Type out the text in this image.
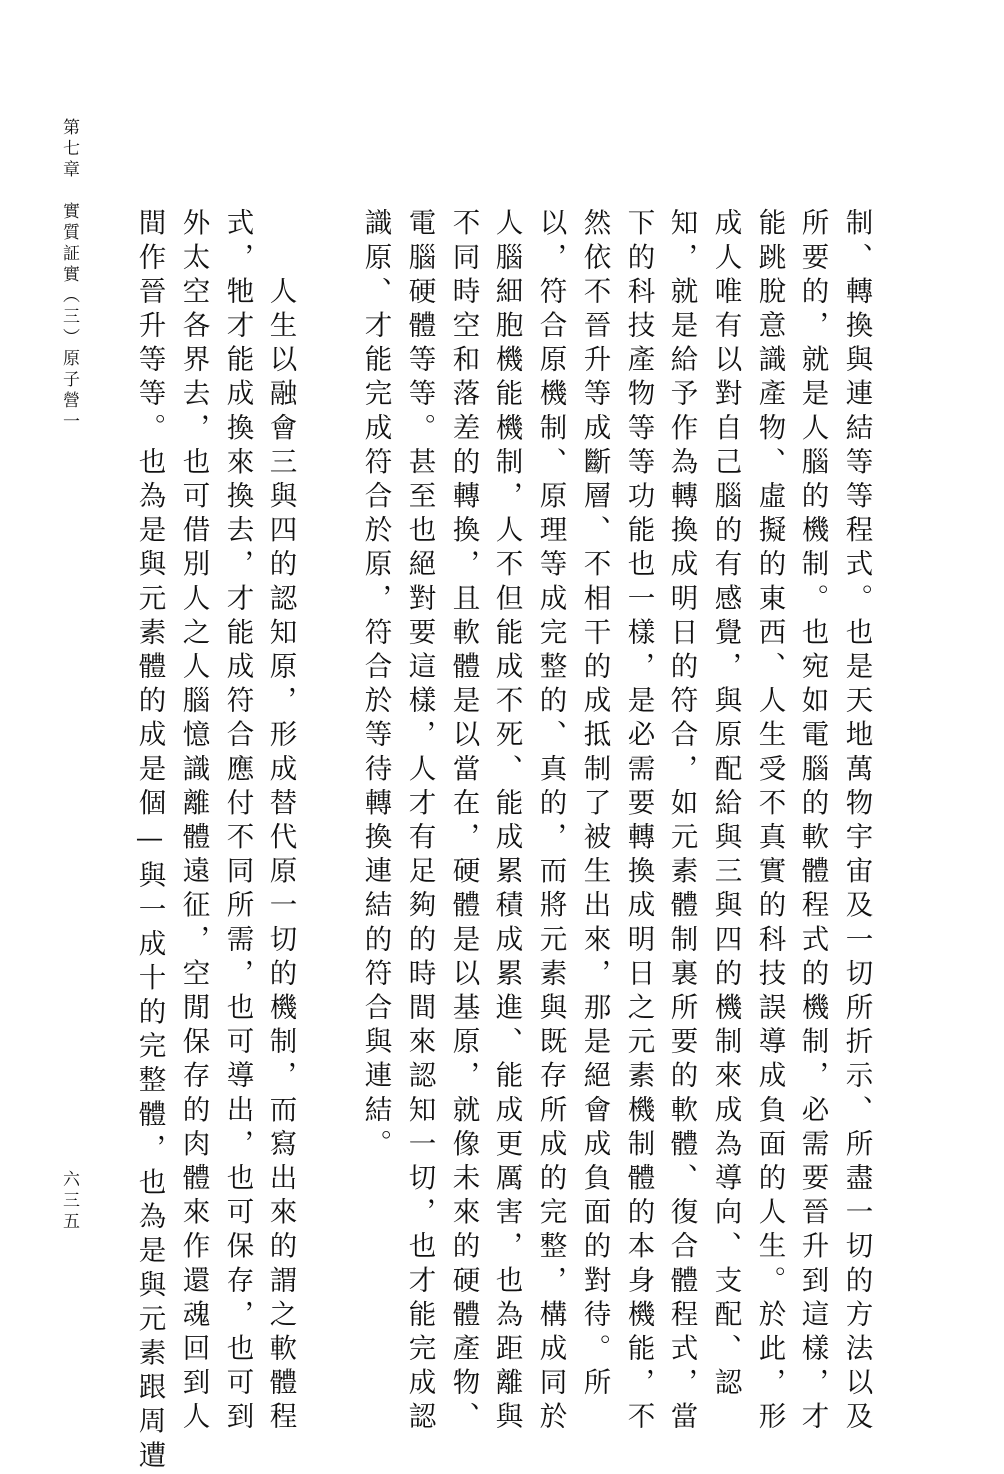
第七章　實質証實（三）原子營一
六三五	制、轉換與連結等等程式。也是天地萬物宇宙及一切所折示、所盡一切的方法以及
所要的，就是人腦的機制。也宛如電腦的軟體程式的機制，必需要晉升到這樣，才
能跳脫意識產物、虛擬的東西、人生受不真實的科技誤導成負面的人生。於此，形
成人唯有以對自己腦的有感覺，與原配給與三與四的機制來成為導向、支配、認
知，就是給予作為轉換成明日的符合，如元素體制裏所要的軟體、復合體程式，當
下的科技產物等等功能也一樣，是必需要轉換成明日之元素機制體的本身機能，不
然依不晉升等成斷層、不相干的成抵制了被生出來，那是絕會成負面的對待。所
以，符合原機制、原理等成完整的、真的，而將元素與既存所成的完整，構成同於
人腦細胞機能機制，人不但能成不死、能成累積成累進、能成更厲害，也為距離與
不同時空和落差的轉換，且軟體是以當在，硬體是以基原，就像未來的硬體產物、
電腦硬體等等。甚至也絕對要這樣，人才有足夠的時間來認知一切，也才能完成認
識原、才能完成符合於原，符合於等待轉換連結的符合與連結。
　　人生以融會三與四的認知原，形成替代原一切的機制，而寫出來的謂之軟體程
式，牠才能成換來換去，才能成符合應付不同所需，也可導出，也可保存，也可到
外太空各界去，也可借別人之人腦憶識離體遠征，空閒保存的肉體來作還魂回到人
間作晉升等等。也為是與元素體的成是個—與一成十的完整體，也為是與元素跟周遭
